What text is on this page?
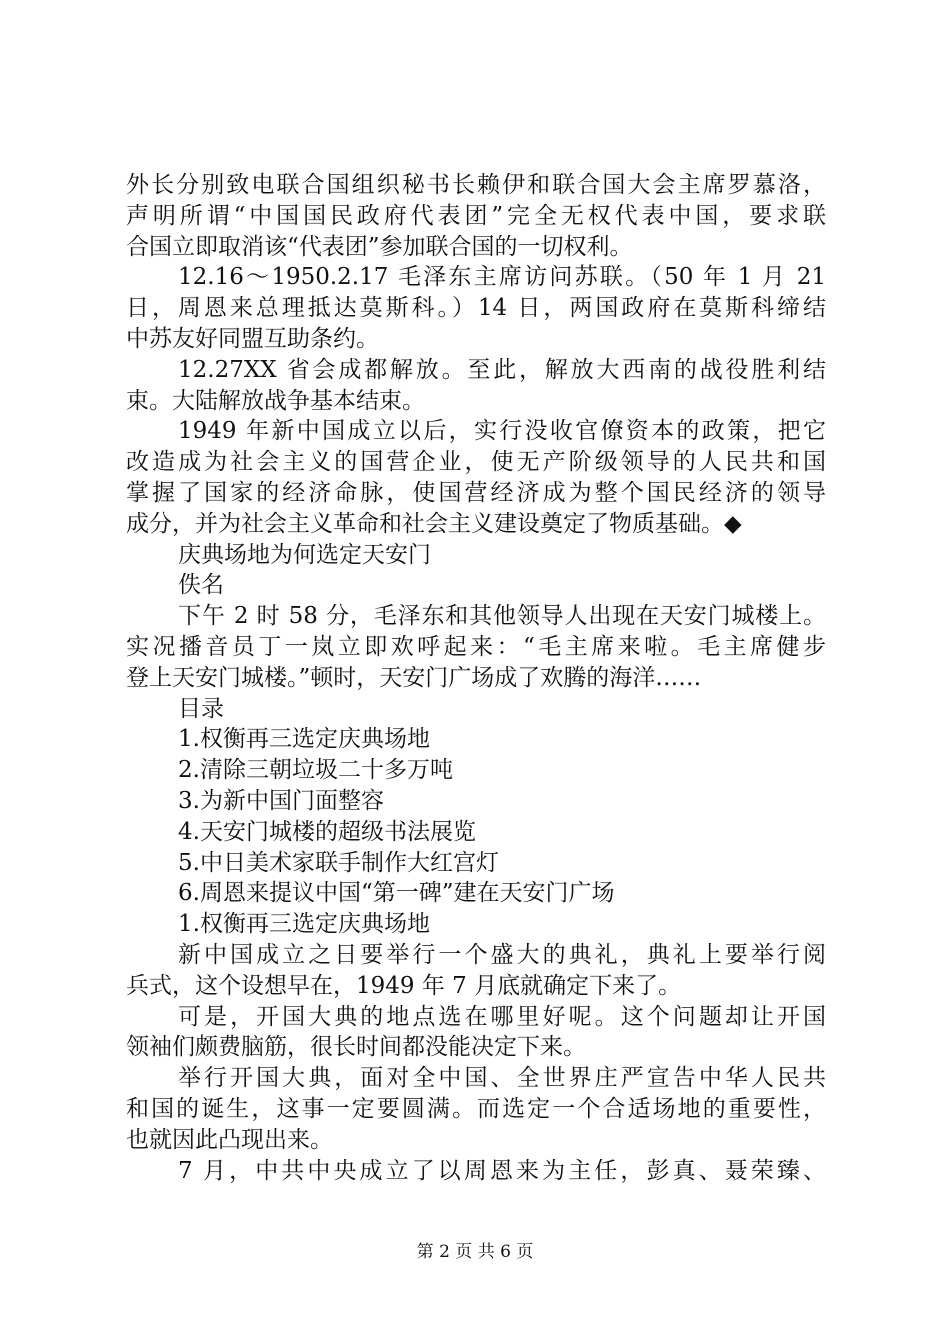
外长分别致电联合国组织秘书长赖伊和联合国大会主席罗慕洛，
声明所谓“中国国民政府代表团”完全无权代表中国，要求联
合国立即取消该“代表团”参加联合国的一切权利。
12.16～1950.2.17 毛泽东主席访问苏联。（50 年 1 月 21
日，周恩来总理抵达莫斯科。）14 日，两国政府在莫斯科缔结
中苏友好同盟互助条约。
12.27XX 省会成都解放。至此，解放大西南的战役胜利结
束。大陆解放战争基本结束。
1949 年新中国成立以后，实行没收官僚资本的政策，把它
改造成为社会主义的国营企业，使无产阶级领导的人民共和国
掌握了国家的经济命脉，使国营经济成为整个国民经济的领导
成分，并为社会主义革命和社会主义建设奠定了物质基础。◆
庆典场地为何选定天安门
佚名
下午 2 时 58 分，毛泽东和其他领导人出现在天安门城楼上。
实况播音员丁一岚立即欢呼起来：“毛主席来啦。毛主席健步
登上天安门城楼。”顿时，天安门广场成了欢腾的海洋……
目录
1.权衡再三选定庆典场地
2.清除三朝垃圾二十多万吨
3.为新中国门面整容
4.天安门城楼的超级书法展览
5.中日美术家联手制作大红宫灯
6.周恩来提议中国“第一碑”建在天安门广场
1.权衡再三选定庆典场地
新中国成立之日要举行一个盛大的典礼，典礼上要举行阅
兵式，这个设想早在，1949 年 7 月底就确定下来了。
可是，开国大典的地点选在哪里好呢。这个问题却让开国
领袖们颇费脑筋，很长时间都没能决定下来。
举行开国大典，面对全中国、全世界庄严宣告中华人民共
和国的诞生，这事一定要圆满。而选定一个合适场地的重要性，
也就因此凸现出来。
7 月，中共中央成立了以周恩来为主任，彭真、聂荣臻、
第 2 页 共 6 页
